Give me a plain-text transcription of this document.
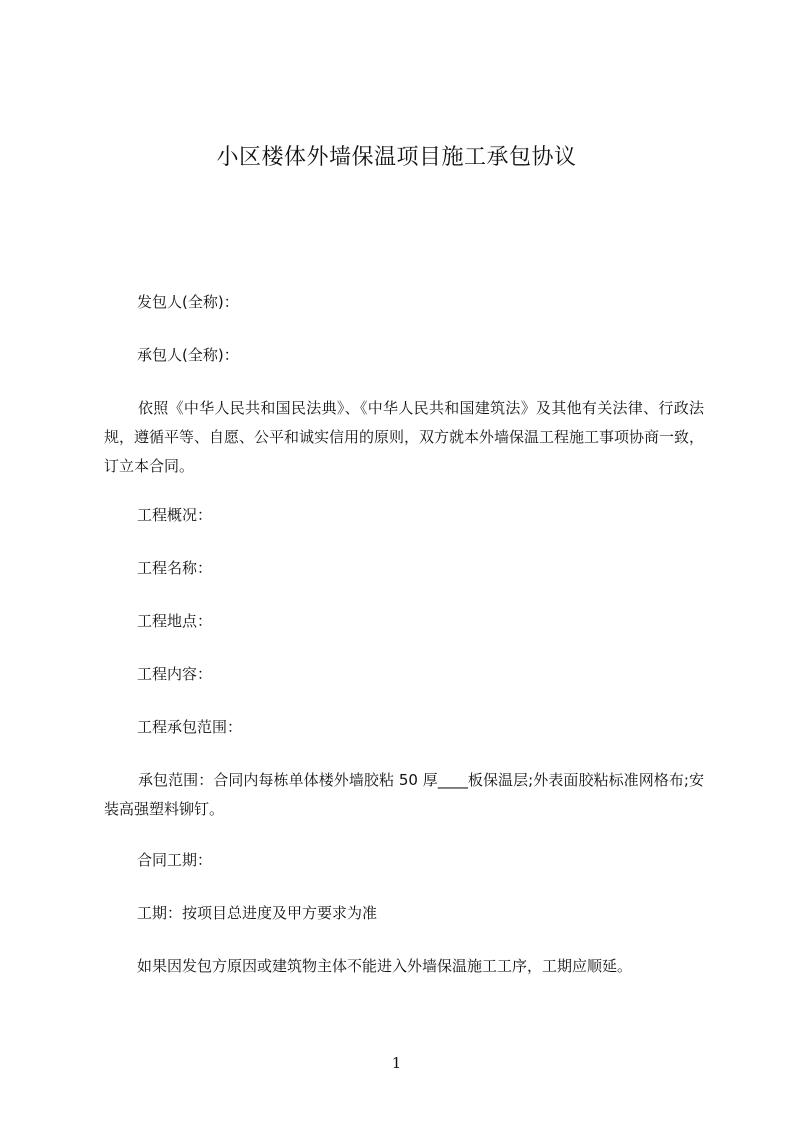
小区楼体外墙保温项目施工承包协议
发包人(全称)：
承包人(全称)：
依照《中华人民共和国民法典》、《中华人民共和国建筑法》及其他有关法律、行政法规，遵循平等、自愿、公平和诚实信用的原则，双方就本外墙保温工程施工事项协商一致，订立本合同。
工程概况：
工程名称：
工程地点：
工程内容：
工程承包范围：
承包范围：合同内每栋单体楼外墙胶粘 50 厚____板保温层;外表面胶粘标准网格布;安装高强塑料铆钉。
合同工期：
工期：按项目总进度及甲方要求为准
如果因发包方原因或建筑物主体不能进入外墙保温施工工序，工期应顺延。
1
